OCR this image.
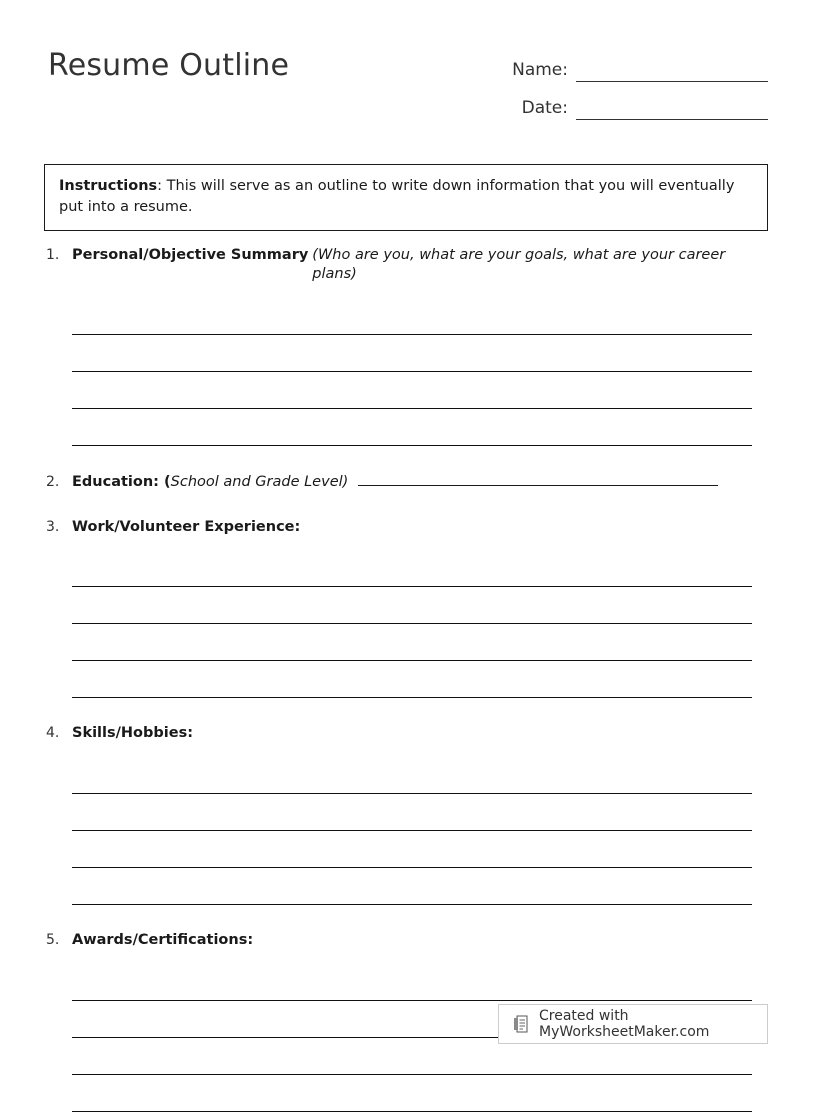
Resume Outline	Name:
Date:
Instructions: This will serve as an outline to write down information that you will eventually put into a resume.
1. Personal/Objective Summary (Who are you, what are your goals, what are your career plans)
2. Education: ( School and Grade Level)
3. Work/Volunteer Experience:
4. Skills/Hobbies:
5. Awards/Certifications:
Created with MyWorksheetMaker.com
